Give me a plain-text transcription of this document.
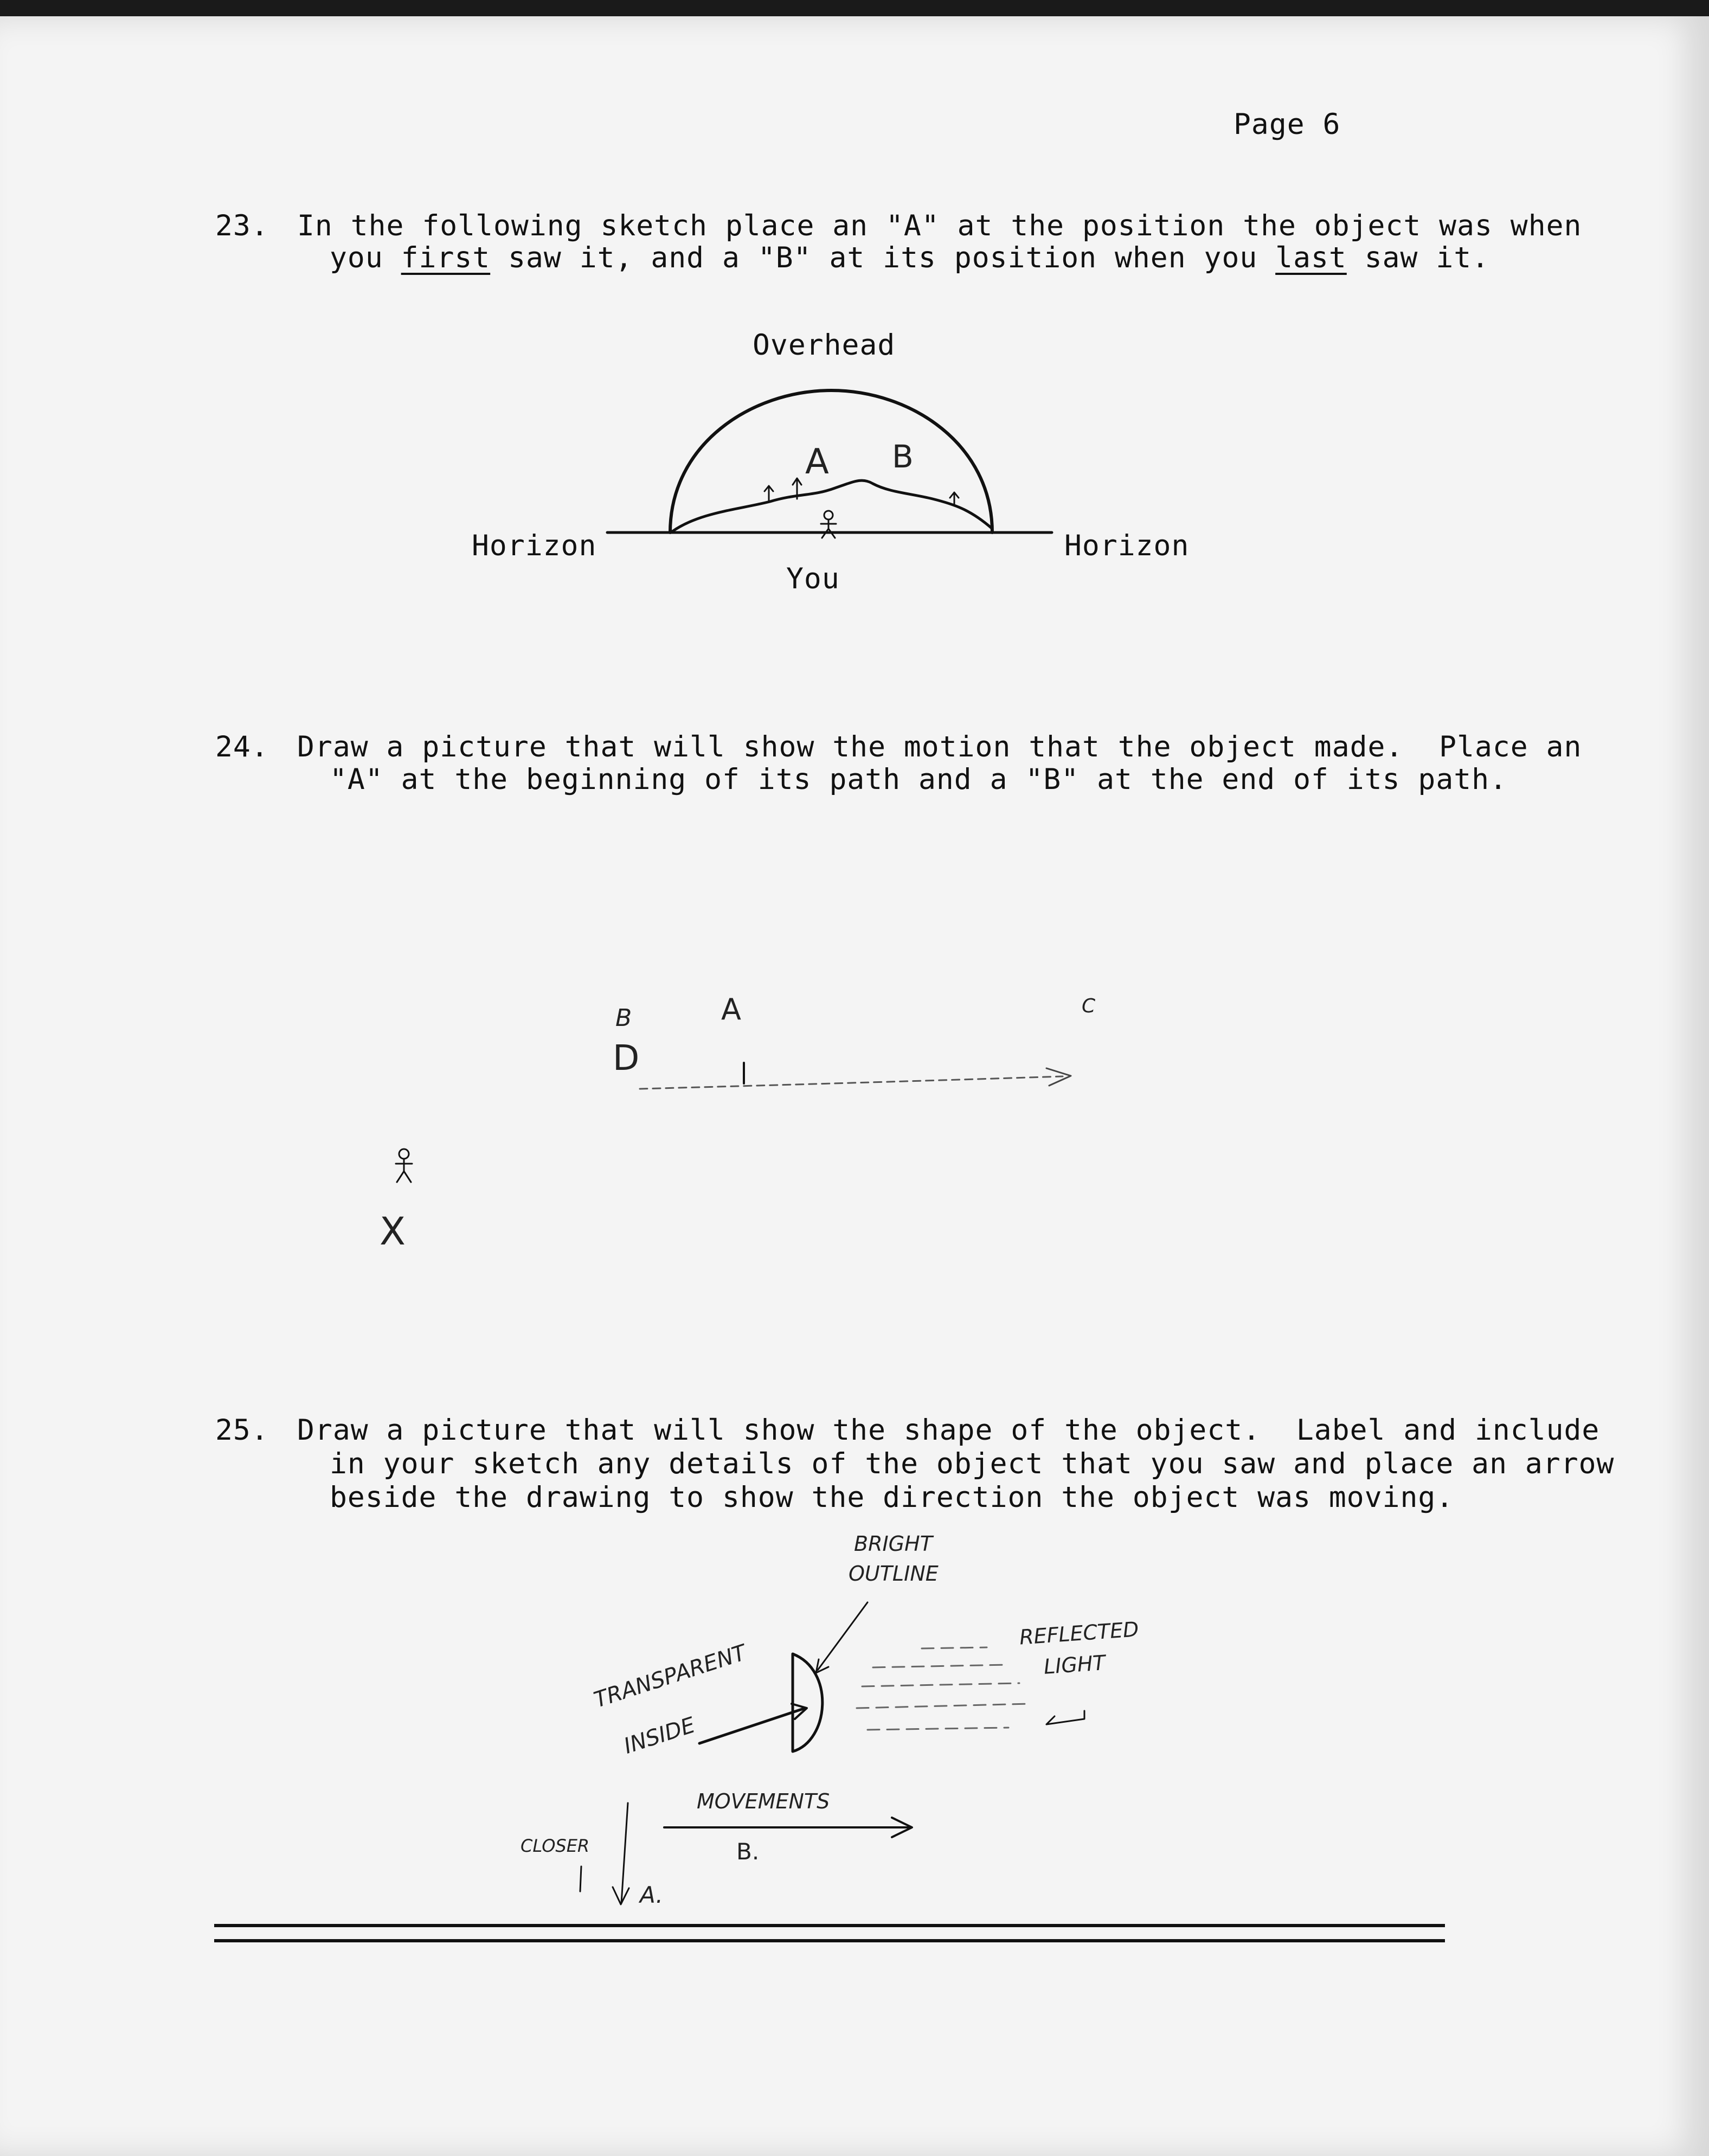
Page 6
23. In the following sketch place an "A" at the position the object was when
you first saw it, and a "B" at its position when you last saw it.
Overhead
Horizon	Horizon
You
A B
24. Draw a picture that will show the motion that the object made.  Place an
"A" at the beginning of its path and a "B" at the end of its path.
B	A	C
D
X
25. Draw a picture that will show the shape of the object.  Label and include
in your sketch any details of the object that you saw and place an arrow
beside the drawing to show the direction the object was moving.
BRIGHT
OUTLINE
REFLECTED
LIGHT
TRANSPARENT
INSIDE
MOVEMENTS
CLOSER	B.
A.
